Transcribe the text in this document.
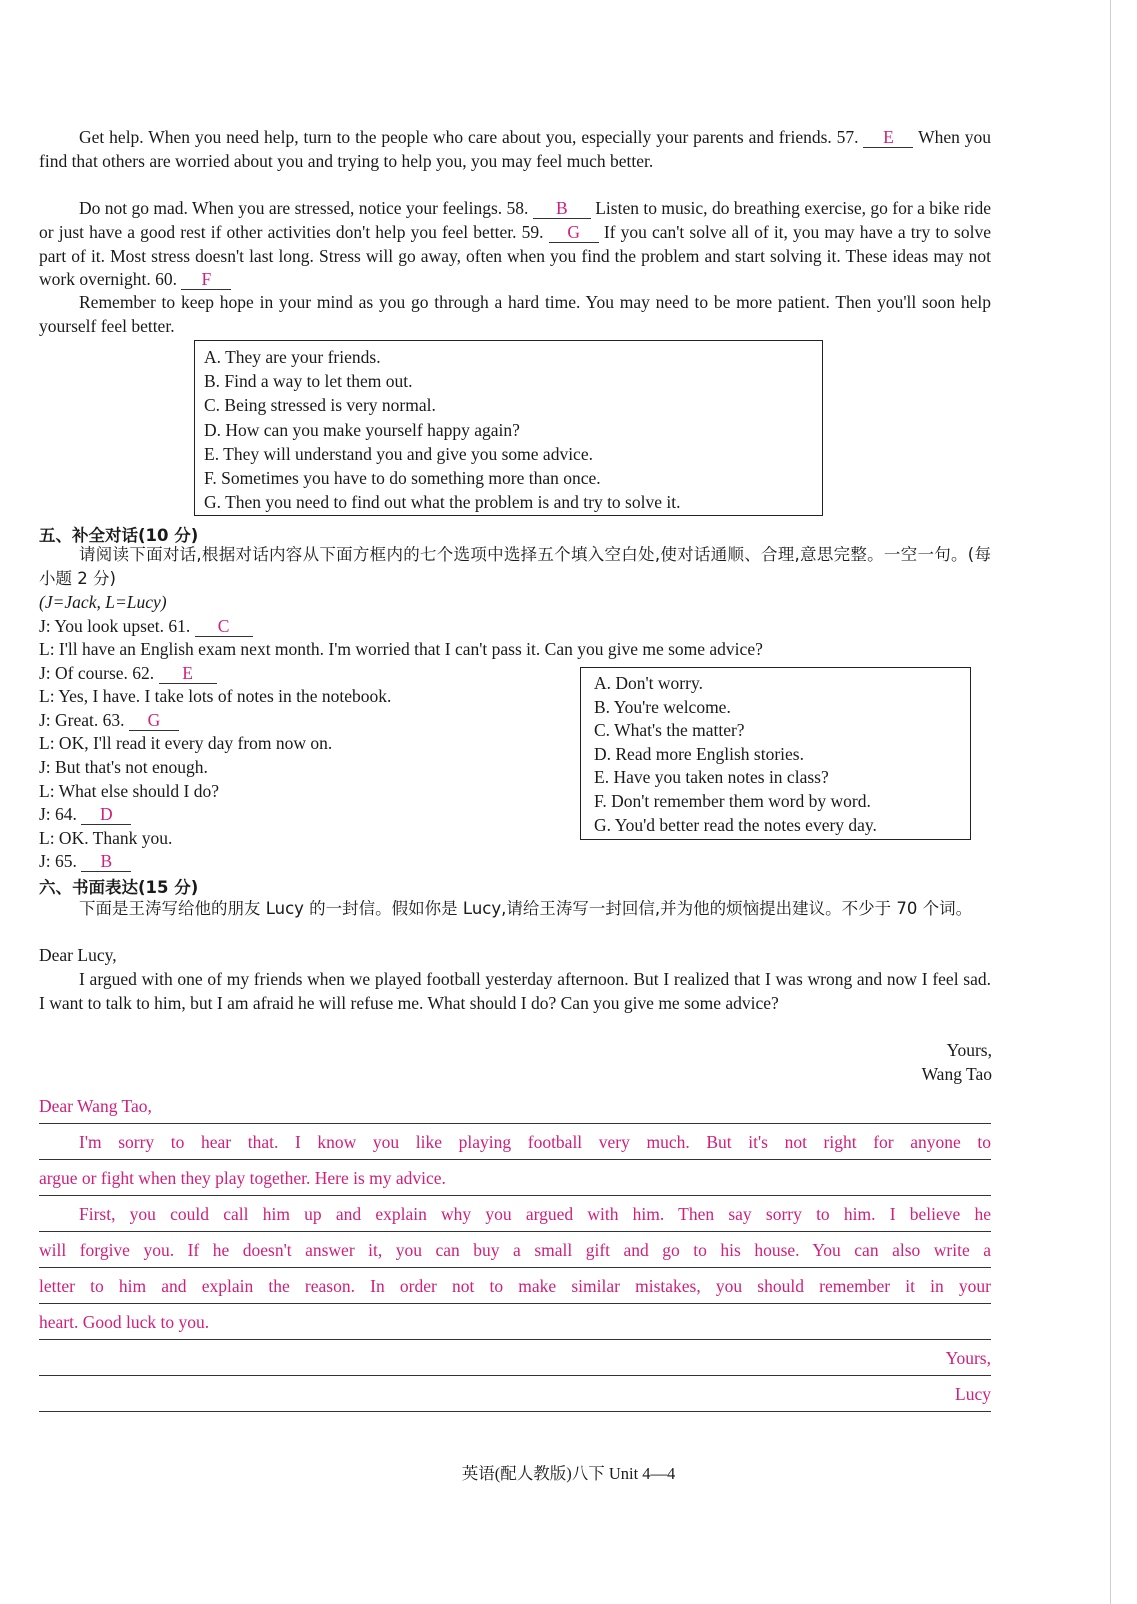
Get help. When you need help, turn to the people who care about you, especially your parents and friends. 57. E When you find that others are worried about you and trying to help you, you may feel much better.

Do not go mad. When you are stressed, notice your feelings. 58. B Listen to music, do breathing exercise, go for a bike ride or just have a good rest if other activities don't help you feel better. 59. G If you can't solve all of it, you may have a try to solve part of it. Most stress doesn't last long. Stress will go away, often when you find the problem and start solving it. These ideas may not work overnight. 60. F

Remember to keep hope in your mind as you go through a hard time. You may need to be more patient. Then you'll soon help yourself feel better.

A. They are your friends.
B. Find a way to let them out.
C. Being stressed is very normal.
D. How can you make yourself happy again?
E. They will understand you and give you some advice.
F. Sometimes you have to do something more than once.
G. Then you need to find out what the problem is and try to solve it.
五、补全对话(10 分)

请阅读下面对话,根据对话内容从下面方框内的七个选项中选择五个填入空白处,使对话通顺、合理,意思完整。一空一句。(每小题 2 分)

(J=Jack, L=Lucy)
J: You look upset. 61. C
L: I'll have an English exam next month. I'm worried that I can't pass it. Can you give me some advice?
J: Of course. 62. E
L: Yes, I have. I take lots of notes in the notebook.
J: Great. 63. G
L: OK, I'll read it every day from now on.
J: But that's not enough.
L: What else should I do?
J: 64. D
L: OK. Thank you.
J: 65. B
A. Don't worry.
B. You're welcome.
C. What's the matter?
D. Read more English stories.
E. Have you taken notes in class?
F. Don't remember them word by word.
G. You'd better read the notes every day.
六、书面表达(15 分)

下面是王涛写给他的朋友 Lucy 的一封信。假如你是 Lucy,请给王涛写一封回信,并为他的烦恼提出建议。不少于 70 个词。

Dear Lucy,

I argued with one of my friends when we played football yesterday afternoon. But I realized that I was wrong and now I feel sad. I want to talk to him, but I am afraid he will refuse me. What should I do? Can you give me some advice?

Yours,
Wang Tao
Dear Wang Tao,
I'm sorry to hear that. I know you like playing football very much. But it's not right for anyone to
argue or fight when they play together. Here is my advice.
First, you could call him up and explain why you argued with him. Then say sorry to him. I believe he
will forgive you. If he doesn't answer it, you can buy a small gift and go to his house. You can also write a
letter to him and explain the reason. In order not to make similar mistakes, you should remember it in your
heart. Good luck to you.
Yours,
Lucy
英语(配人教版)八下 Unit 4—4
